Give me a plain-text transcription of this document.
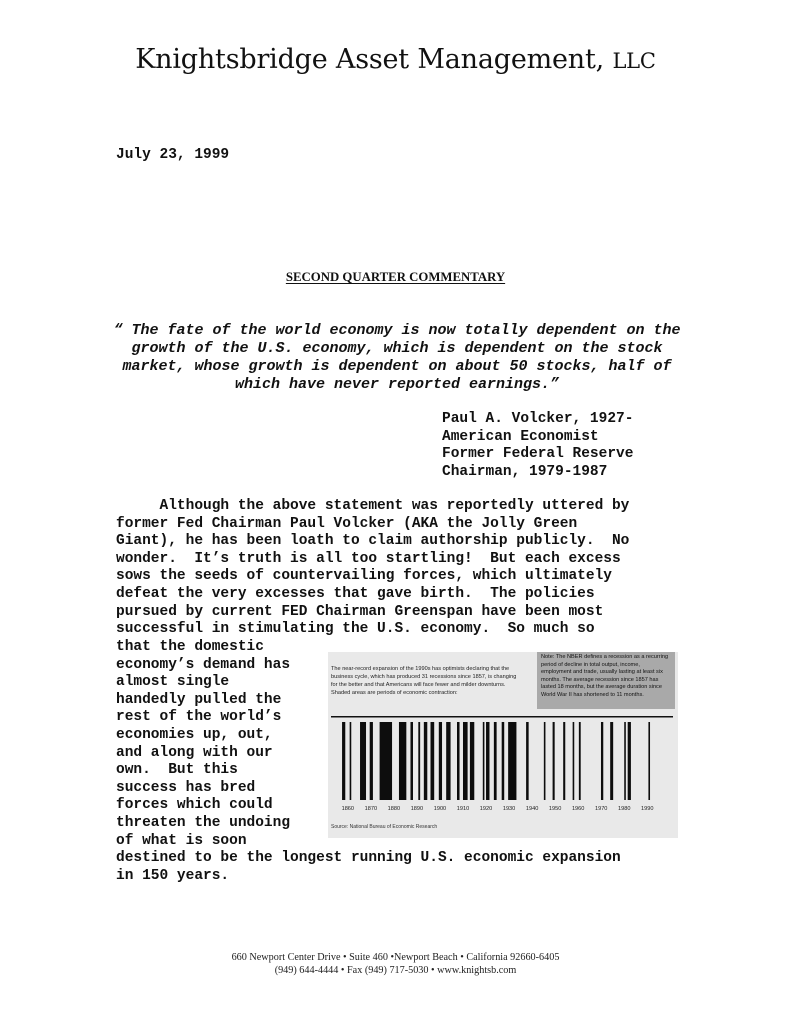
Knightsbridge Asset Management, LLC
July 23, 1999
SECOND QUARTER COMMENTARY
“ The fate of the world economy is now totally dependent on the growth of the U.S. economy, which is dependent on the stock market, whose growth is dependent on about 50 stocks, half of which have never reported earnings.”
Paul A. Volcker, 1927-
American Economist
Former Federal Reserve
Chairman, 1979-1987
Although the above statement was reportedly uttered by
former Fed Chairman Paul Volcker (AKA the Jolly Green
Giant), he has been loath to claim authorship publicly.  No
wonder.  It’s truth is all too startling!  But each excess
sows the seeds of countervailing forces, which ultimately
defeat the very excesses that gave birth.  The policies
pursued by current FED Chairman Greenspan have been most
successful in stimulating the U.S. economy.  So much so
that the domestic
economy’s demand has
almost single
handedly pulled the
rest of the world’s
economies up, out,
and along with our
own.  But this
success has bred
forces which could
threaten the undoing
of what is soon
The near-record expansion of the 1990s has optimists declaring that the business cycle, which has produced 31 recessions since 1857, is changing for the better and that Americans will face fewer and milder downturns. Shaded areas are periods of economic contraction:
Note: The NBER defines a recession as a recurring period of decline in total output, income, employment and trade, usually lasting at least six months. The average recession since 1857 has lasted 18 months, but the average duration since World War II has shortened to 11 months.
1860 1870 1880 1890 1900 1910 1920 1930 1940 1950 1960 1970 1980 1990
Source: National Bureau of Economic Research
destined to be the longest running U.S. economic expansion
in 150 years.
660 Newport Center Drive • Suite 460 •Newport Beach • California 92660-6405
(949) 644-4444 • Fax (949) 717-5030 • www.knightsb.com
